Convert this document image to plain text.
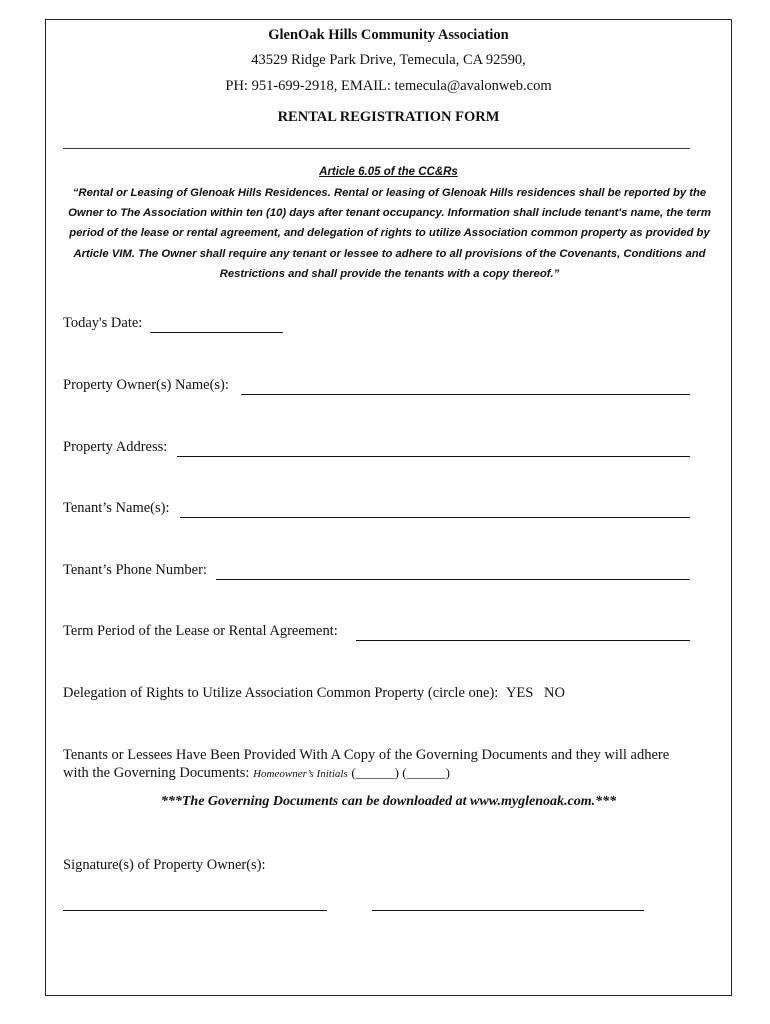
GlenOak Hills Community Association
43529 Ridge Park Drive, Temecula, CA 92590,
PH: 951-699-2918, EMAIL: temecula@avalonweb.com
RENTAL REGISTRATION FORM
Article 6.05 of the CC&Rs
“Rental or Leasing of Glenoak Hills Residences. Rental or leasing of Glenoak Hills residences shall be reported by the Owner to The Association within ten (10) days after tenant occupancy. Information shall include tenant's name, the term period of the lease or rental agreement, and delegation of rights to utilize Association common property as provided by Article VIM. The Owner shall require any tenant or lessee to adhere to all provisions of the Covenants, Conditions and Restrictions and shall provide the tenants with a copy thereof.”
Today's Date:
Property Owner(s) Name(s):
Property Address:
Tenant’s Name(s):
Tenant’s Phone Number:
Term Period of the Lease or Rental Agreement:
Delegation of Rights to Utilize Association Common Property (circle one): YES NO
Tenants or Lessees Have Been Provided With A Copy of the Governing Documents and they will adhere
with the Governing Documents: Homeowner’s Initials (______) (______)
***The Governing Documents can be downloaded at www.myglenoak.com.***
Signature(s) of Property Owner(s):
